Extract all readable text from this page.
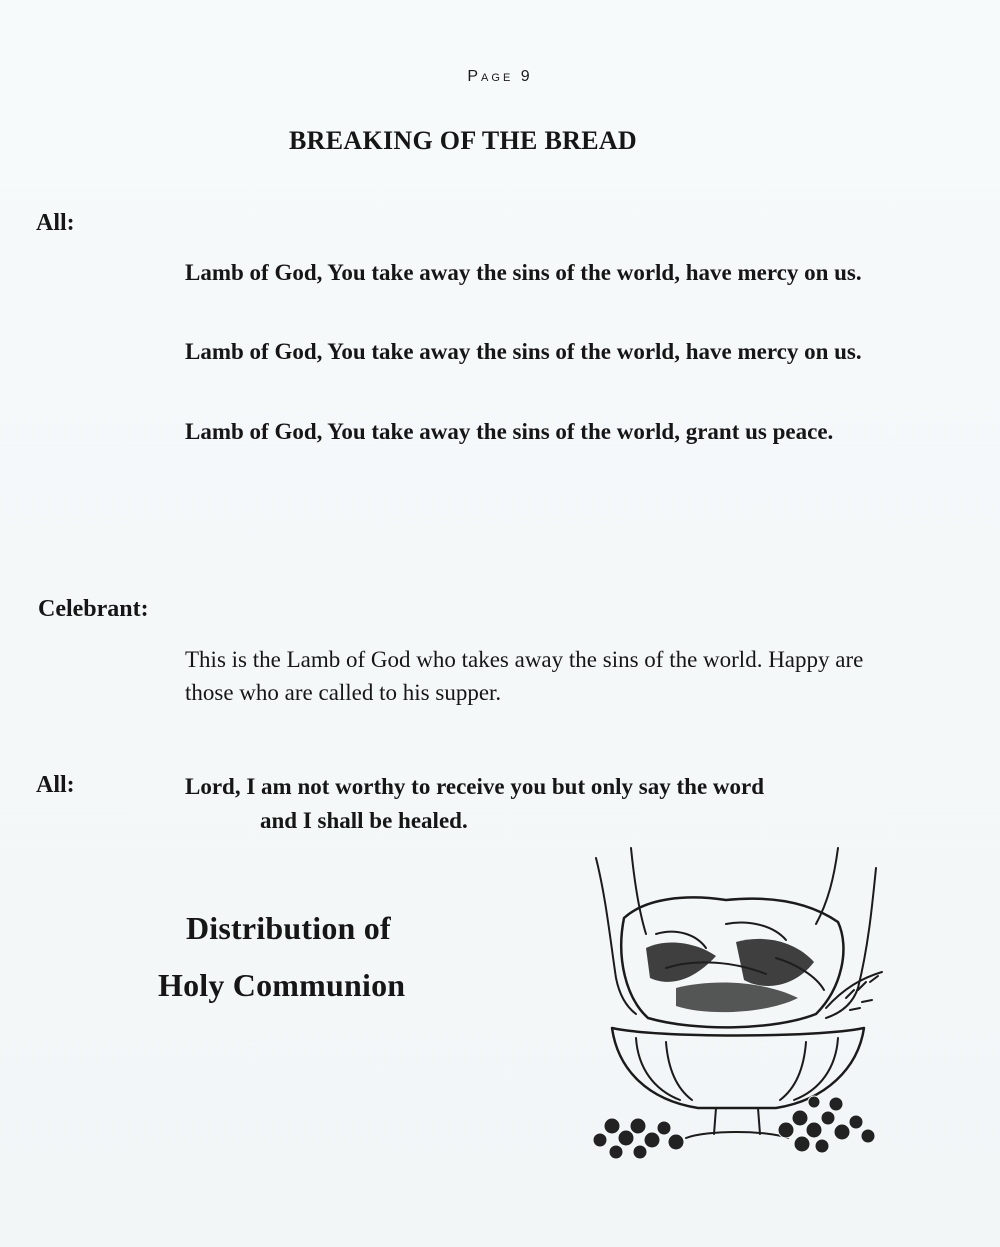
Page 9
BREAKING OF THE BREAD
All:
Lamb of God, You take away the sins of the world, have mercy on us.
Lamb of God, You take away the sins of the world, have mercy on us.
Lamb of God, You take away the sins of the world, grant us peace.
Celebrant:
This is the Lamb of God who takes away the sins of the world. Happy are those who are called to his supper.
All:	Lord, I am not worthy to receive you but only say the word
and I shall be healed.
Distribution of
Holy Communion
